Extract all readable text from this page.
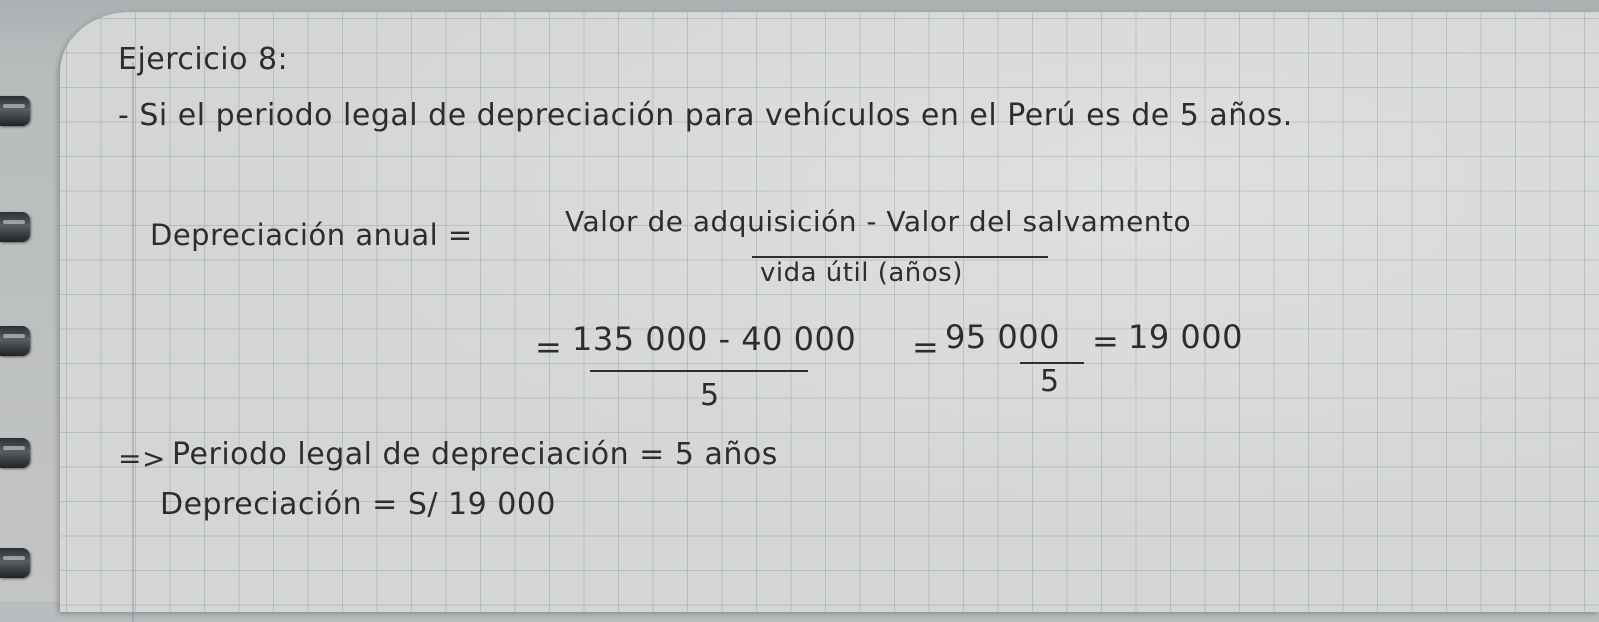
Ejercicio 8:
- Si el periodo legal de depreciación para vehículos en el Perú es de 5 años.
Depreciación anual =	Valor de adquisición - Valor del salvamento
vida útil (años)
= 135 000 - 40 000
5
= 95 000
5
= 19 000
=> Periodo legal de depreciación = 5 años
Depreciación = S/ 19 000
